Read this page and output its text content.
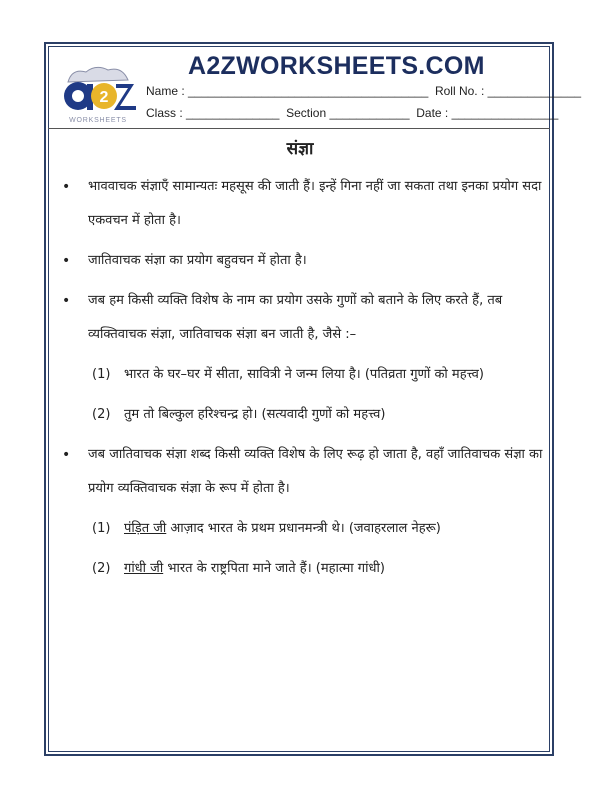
A2ZWORKSHEETS.COM
2
WORKSHEETS
Name : ____________________________________  Roll No. : ______________
Class : ______________  Section ____________  Date : ________________
संज्ञा
• भाववाचक संज्ञाएँ सामान्यतः महसूस की जाती हैं। इन्हें गिना नहीं जा सकता तथा इनका प्रयोग सदा एकवचन में होता है।
• जातिवाचक संज्ञा का प्रयोग बहुवचन में होता है।
• जब हम किसी व्यक्ति विशेष के नाम का प्रयोग उसके गुणों को बताने के लिए करते हैं, तब व्यक्तिवाचक संज्ञा, जातिवाचक संज्ञा बन जाती है, जैसे :–
(1) भारत के घर–घर में सीता, सावित्री ने जन्म लिया है। (पतिव्रता गुणों को महत्त्व)
(2) तुम तो बिल्कुल हरिश्चन्द्र हो। (सत्यवादी गुणों को महत्त्व)
• जब जातिवाचक संज्ञा शब्द किसी व्यक्ति विशेष के लिए रूढ़ हो जाता है, वहाँ जातिवाचक संज्ञा का प्रयोग व्यक्तिवाचक संज्ञा के रूप में होता है।
(1) पंड़ित जी आज़ाद भारत के प्रथम प्रधानमन्त्री थे। (जवाहरलाल नेहरू)
(2) गांधी जी भारत के राष्ट्रपिता माने जाते हैं। (महात्मा गांधी)
